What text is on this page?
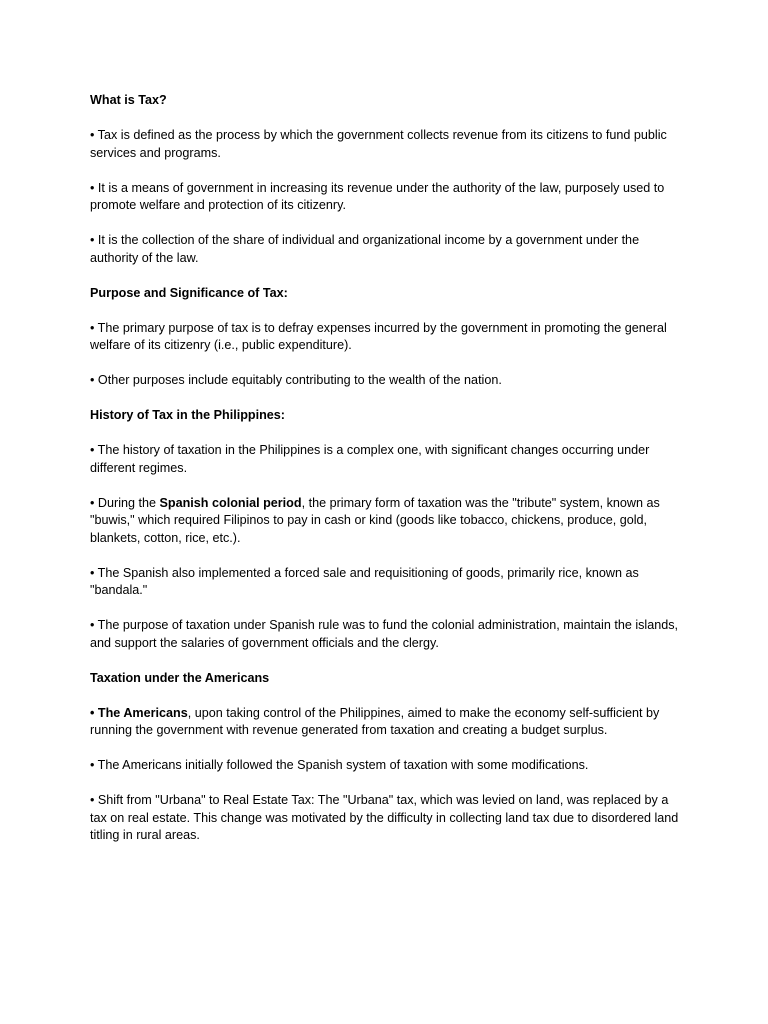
What is Tax?
• Tax is defined as the process by which the government collects revenue from its citizens to fund public services and programs.
• It is a means of government in increasing its revenue under the authority of the law, purposely used to promote welfare and protection of its citizenry.
• It is the collection of the share of individual and organizational income by a government under the authority of the law.
Purpose and Significance of Tax:
• The primary purpose of tax is to defray expenses incurred by the government in promoting the general welfare of its citizenry (i.e., public expenditure).
• Other purposes include equitably contributing to the wealth of the nation.
History of Tax in the Philippines:
• The history of taxation in the Philippines is a complex one, with significant changes occurring under different regimes.
• During the Spanish colonial period, the primary form of taxation was the "tribute" system, known as "buwis," which required Filipinos to pay in cash or kind (goods like tobacco, chickens, produce, gold, blankets, cotton, rice, etc.).
• The Spanish also implemented a forced sale and requisitioning of goods, primarily rice, known as "bandala."
• The purpose of taxation under Spanish rule was to fund the colonial administration, maintain the islands, and support the salaries of government officials and the clergy.
Taxation under the Americans
• The Americans, upon taking control of the Philippines, aimed to make the economy self-sufficient by running the government with revenue generated from taxation and creating a budget surplus.
• The Americans initially followed the Spanish system of taxation with some modifications.
• Shift from "Urbana" to Real Estate Tax: The "Urbana" tax, which was levied on land, was replaced by a tax on real estate. This change was motivated by the difficulty in collecting land tax due to disordered land titling in rural areas.
